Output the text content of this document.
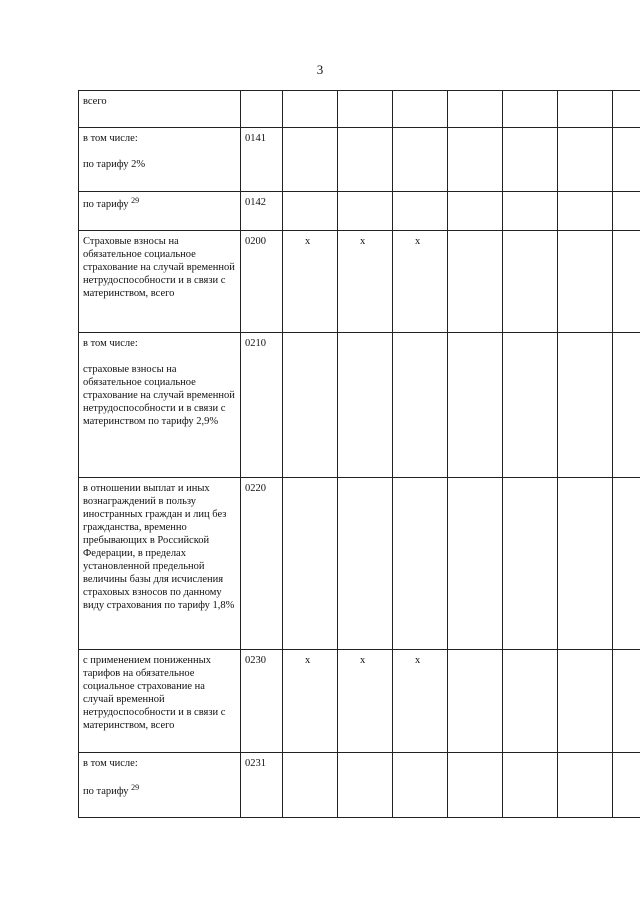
3
всего								

в том числе:
по тарифу 2%	0141	

по тарифу $^{29}$	0142	

Страховые взносы на обязательное социальное страхование на случай временной нетрудоспособности и в связи с материнством, всего	0200	x	x	x				

в том числе:
страховые взносы на обязательное социальное страхование на случай временной нетрудоспособности и в связи с материнством по тарифу 2,9%	0210	

в отношении выплат и иных вознаграждений в пользу иностранных граждан и лиц без гражданства, временно пребывающих в Российской Федерации, в пределах установленной предельной величины базы для исчисления страховых взносов по данному виду страхования по тарифу 1,8%	0220	

с применением пониженных тарифов на обязательное социальное страхование на случай временной нетрудоспособности и в связи с материнством, всего	0230	x	x	x				

в том числе:
по тарифу $^{29}$	0231	
